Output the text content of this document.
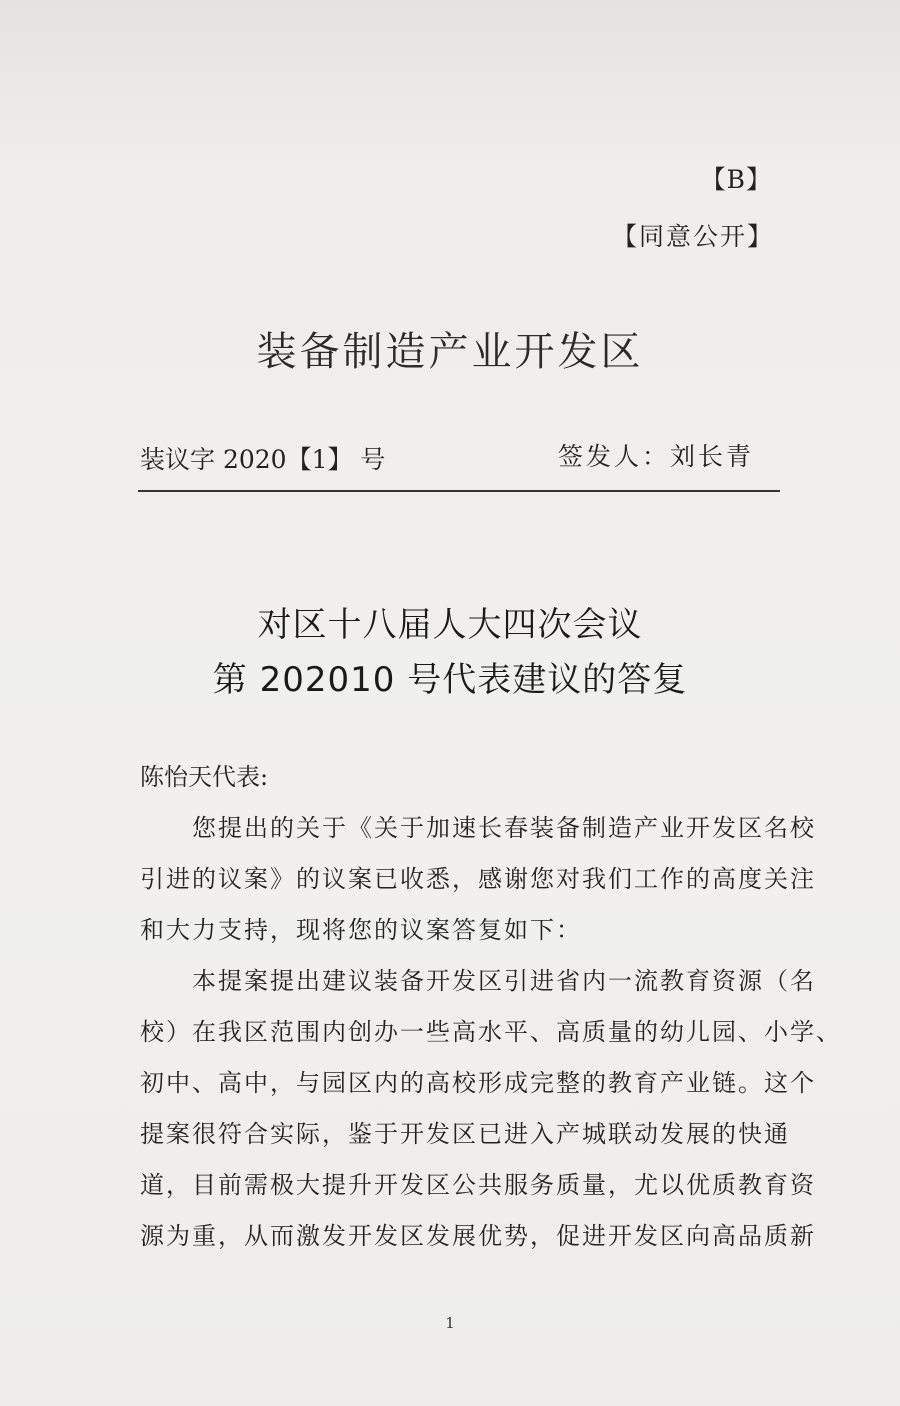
【B】
【同意公开】
装备制造产业开发区
装议字 2020【1】 号	签发人：刘长青
对区十八届人大四次会议
第 202010 号代表建议的答复
陈怡天代表:
　　您提出的关于《关于加速长春装备制造产业开发区名校
引进的议案》的议案已收悉，感谢您对我们工作的高度关注
和大力支持，现将您的议案答复如下：
　　本提案提出建议装备开发区引进省内一流教育资源（名
校）在我区范围内创办一些高水平、高质量的幼儿园、小学、
初中、高中，与园区内的高校形成完整的教育产业链。这个
提案很符合实际，鉴于开发区已进入产城联动发展的快通
道，目前需极大提升开发区公共服务质量，尤以优质教育资
源为重，从而激发开发区发展优势，促进开发区向高品质新
1
